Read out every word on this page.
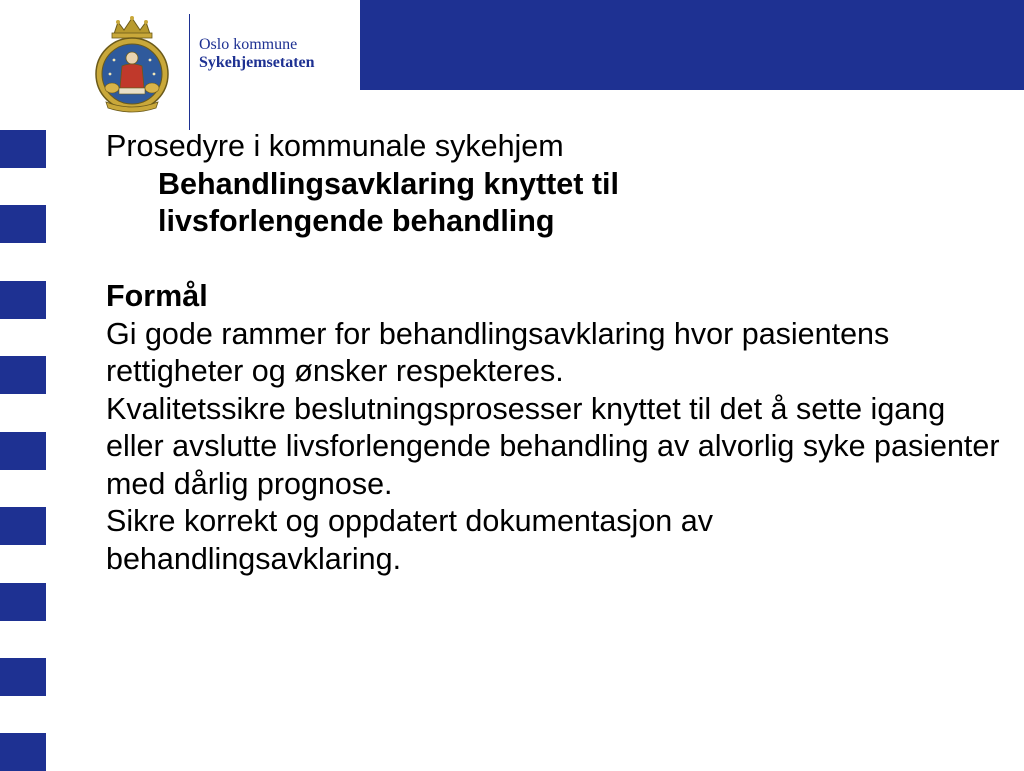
Oslo kommune
Sykehjemsetaten

Prosedyre i kommunale sykehjem

Behandlingsavklaring knyttet til

livsforlengende behandling

Formål

Gi gode rammer for behandlingsavklaring hvor pasientens rettigheter og ønsker respekteres.

Kvalitetssikre beslutningsprosesser knyttet til det å sette igang eller avslutte livsforlengende behandling av alvorlig syke pasienter med dårlig prognose.

Sikre korrekt og oppdatert dokumentasjon av behandlingsavklaring.
